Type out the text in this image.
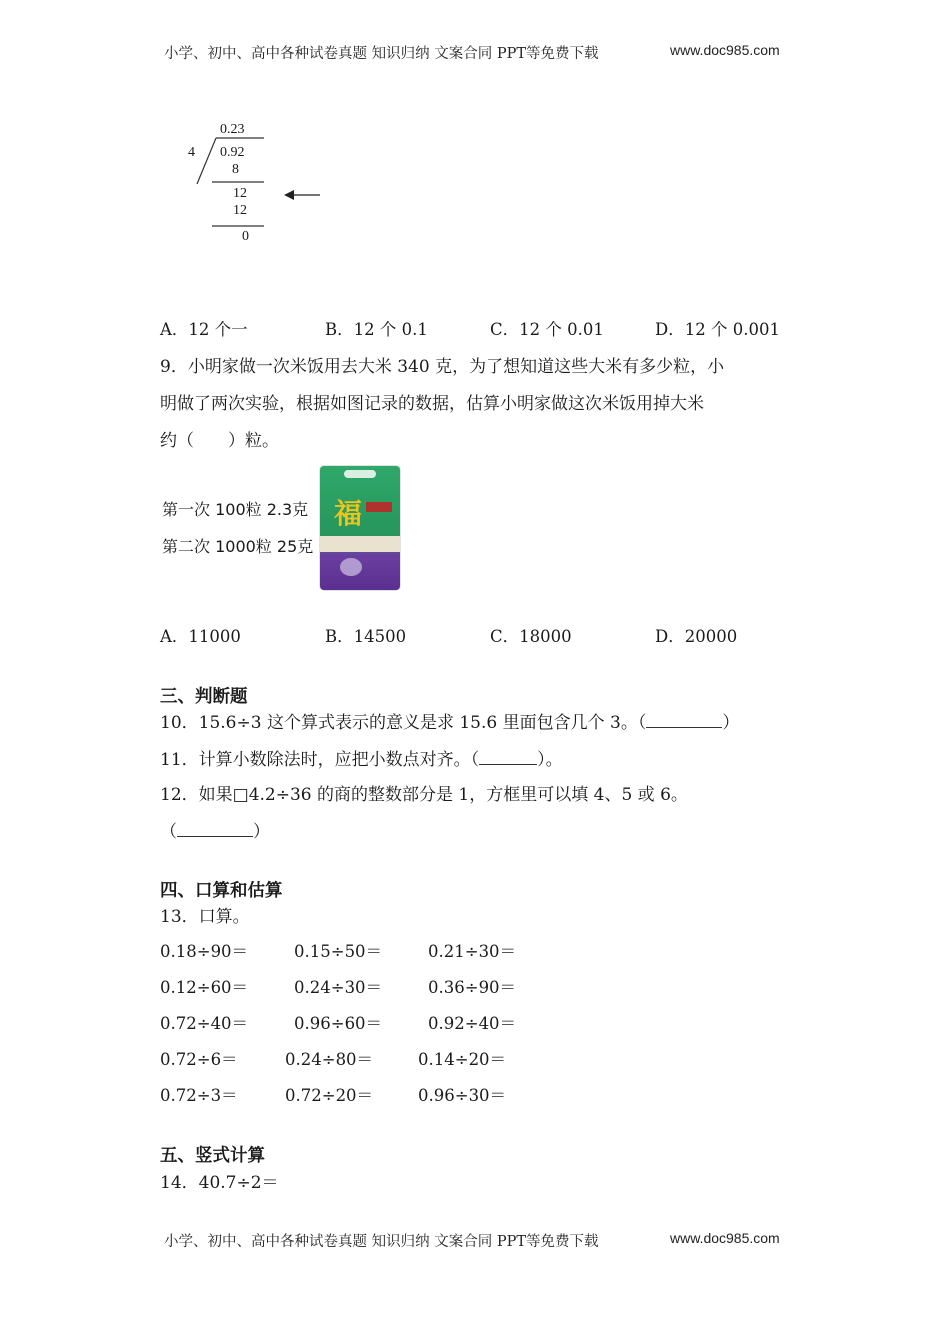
小学、初中、高中各种试卷真题 知识归纳 文案合同 PPT等免费下载	www.doc985.com
0.23
4 0.92
8
12
12
0
A．12 个一	B．12 个 0.1	C．12 个 0.01	D．12 个 0.001
9．小明家做一次米饭用去大米 340 克，为了想知道这些大米有多少粒，小
明做了两次实验，根据如图记录的数据，估算小明家做这次米饭用掉大米
约（　　）粒。
第一次 100粒 2.3克
第二次 1000粒 25克
福
A．11000	B．14500	C．18000	D．20000
三、判断题
10．15.6÷3 这个算式表示的意义是求 15.6 里面包含几个 3。（	）
11．计算小数除法时，应把小数点对齐。（	）。
12．如果□4.2÷36 的商的整数部分是 1，方框里可以填 4、5 或 6。
（	）
四、口算和估算
13．口算。
0.18÷90＝	0.15÷50＝	0.21÷30＝
0.12÷60＝	0.24÷30＝	0.36÷90＝
0.72÷40＝	0.96÷60＝	0.92÷40＝
0.72÷6＝	0.24÷80＝	0.14÷20＝
0.72÷3＝	0.72÷20＝	0.96÷30＝
五、竖式计算
14．40.7÷2＝
小学、初中、高中各种试卷真题 知识归纳 文案合同 PPT等免费下载	www.doc985.com
